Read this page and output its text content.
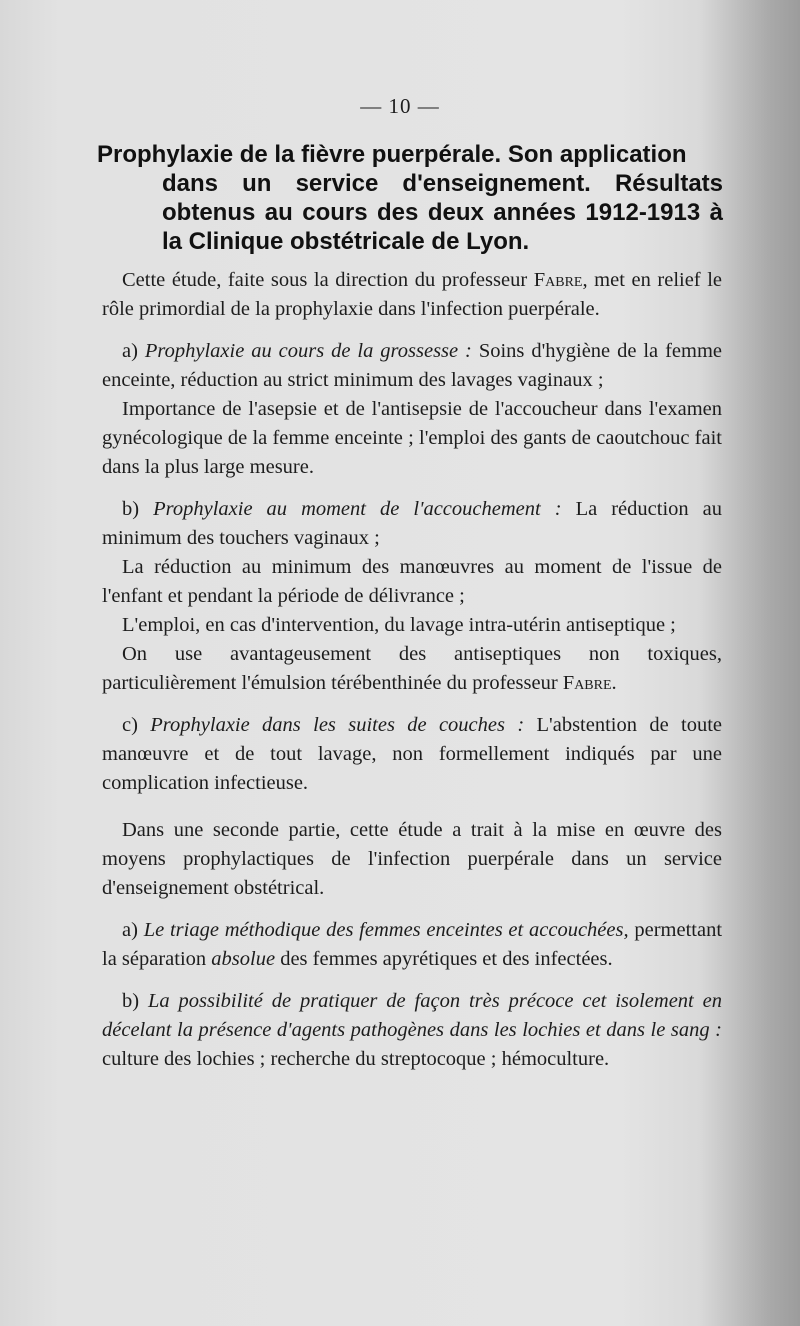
— 10 —
Prophylaxie de la fièvre puerpérale. Son application
dans un service d'enseignement. Résultats obtenus au cours des deux années 1912-1913 à la Clinique obstétricale de Lyon.

Cette étude, faite sous la direction du professeur Fabre, met en relief le rôle primordial de la prophylaxie dans l'infection puerpérale.

a) Prophylaxie au cours de la grossesse : Soins d'hygiène de la femme enceinte, réduction au strict minimum des lavages vaginaux ;

Importance de l'asepsie et de l'antisepsie de l'accoucheur dans l'examen gynécologique de la femme enceinte ; l'emploi des gants de caoutchouc fait dans la plus large mesure.

b) Prophylaxie au moment de l'accouchement : La réduction au minimum des touchers vaginaux ;

La réduction au minimum des manœuvres au moment de l'issue de l'enfant et pendant la période de délivrance ;

L'emploi, en cas d'intervention, du lavage intra-utérin antiseptique ;

On use avantageusement des antiseptiques non toxiques, particulièrement l'émulsion térébenthinée du professeur Fabre.

c) Prophylaxie dans les suites de couches : L'abstention de toute manœuvre et de tout lavage, non formellement indiqués par une complication infectieuse.

Dans une seconde partie, cette étude a trait à la mise en œuvre des moyens prophylactiques de l'infection puerpérale dans un service d'enseignement obstétrical.

a) Le triage méthodique des femmes enceintes et accouchées, permettant la séparation absolue des femmes apyrétiques et des infectées.

b) La possibilité de pratiquer de façon très précoce cet isolement en décelant la présence d'agents pathogènes dans les lochies et dans le sang : culture des lochies ; recherche du streptocoque ; hémoculture.
